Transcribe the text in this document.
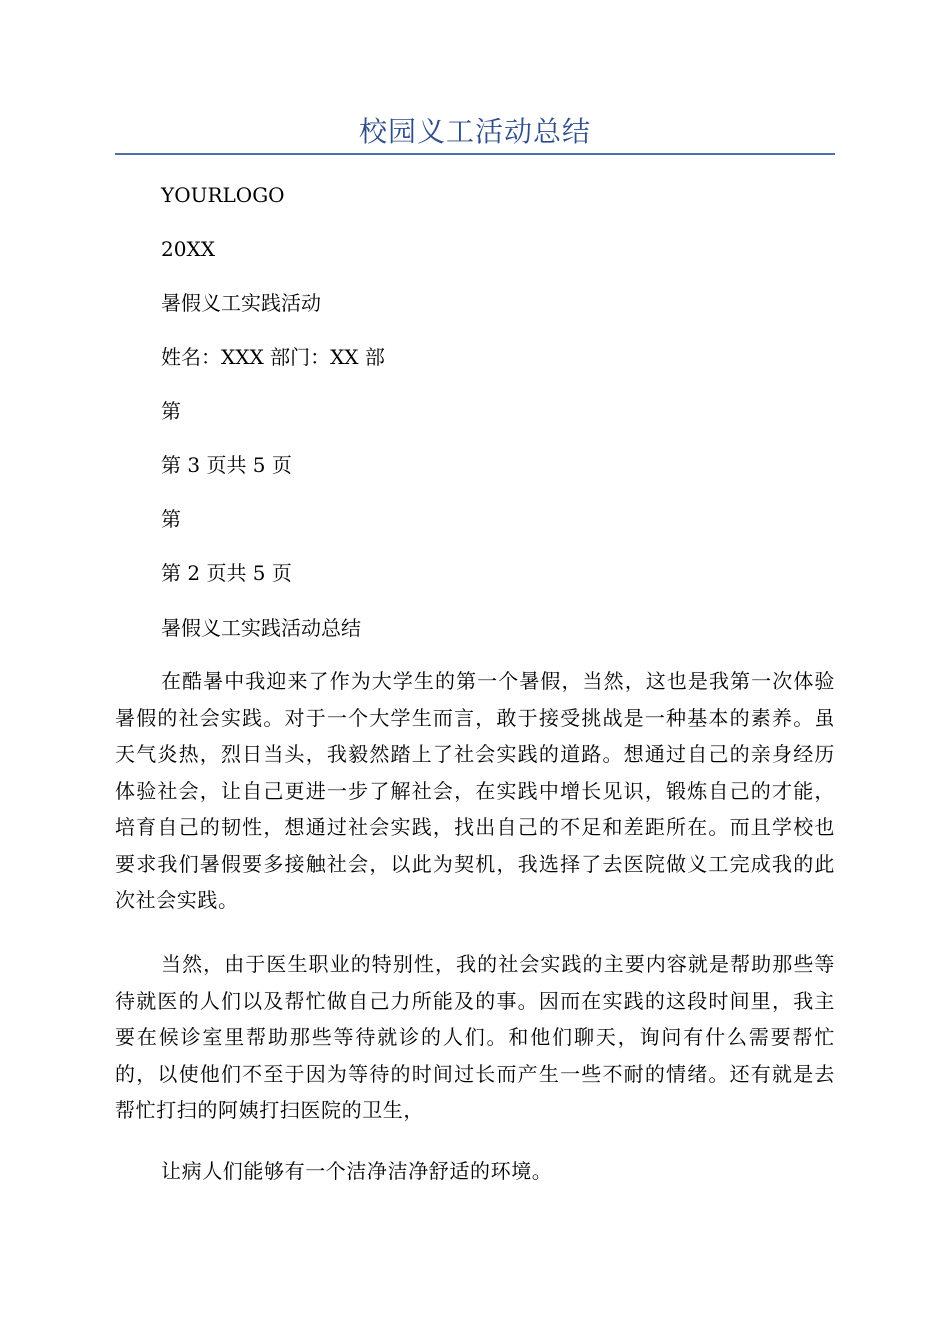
校园义工活动总结
YOURLOGO
20XX
暑假义工实践活动
姓名：XXX 部门：XX 部
第
第 3 页共 5 页
第
第 2 页共 5 页
暑假义工实践活动总结
在酷暑中我迎来了作为大学生的第一个暑假，当然，这也是我第一次体验暑假的社会实践。对于一个大学生而言，敢于接受挑战是一种基本的素养。虽天气炎热，烈日当头，我毅然踏上了社会实践的道路。想通过自己的亲身经历体验社会，让自己更进一步了解社会，在实践中增长见识，锻炼自己的才能，培育自己的韧性，想通过社会实践，找出自己的不足和差距所在。而且学校也要求我们暑假要多接触社会，以此为契机，我选择了去医院做义工完成我的此次社会实践。
当然，由于医生职业的特别性，我的社会实践的主要内容就是帮助那些等待就医的人们以及帮忙做自己力所能及的事。因而在实践的这段时间里，我主要在候诊室里帮助那些等待就诊的人们。和他们聊天，询问有什么需要帮忙的，以使他们不至于因为等待的时间过长而产生一些不耐的情绪。还有就是去帮忙打扫的阿姨打扫医院的卫生，
让病人们能够有一个洁净洁净舒适的环境。
